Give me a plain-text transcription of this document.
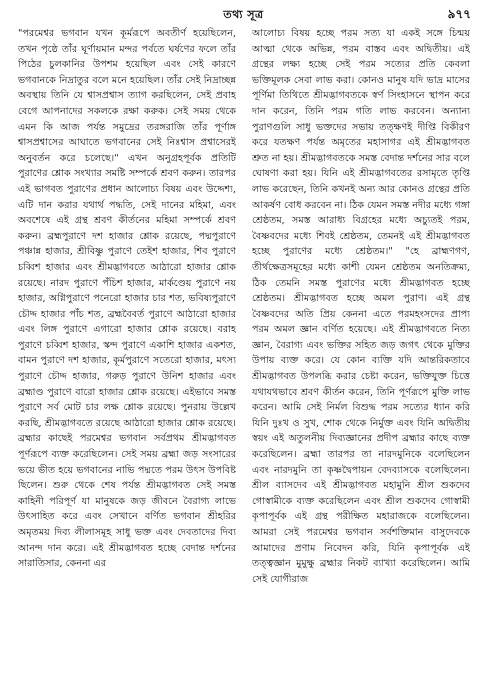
তথ্য সূত্র	৯৭৭

"পরমেশ্বর ভগবান যখন কূর্মরূপে অবতীর্ণ হয়েছিলেন, তখন পৃষ্ঠে তাঁর ঘূর্ণায়মান মন্দর পর্বতে ঘর্ষণের ফলে তাঁর পিঠের চুলকানির উপশম হয়েছিল এবং সেই কারণে ভগবানকে নিদ্রাতুর বলে মনে হয়েছিল। তাঁর সেই নিদ্রাচ্ছন্ন অবস্থায় তিনি যে শ্বাসপ্রশ্বাস ত্যাগ করছিলেন, সেই প্রবাহ বেগে আপনাদের সকলকে রক্ষা করুক। সেই সময় থেকে এমন কি আজ পর্যন্ত সমুদ্রের তরঙ্গরাজি তাঁর পূর্ণাঙ্গ শ্বাসপ্রশ্বাসের আঘাতে ভগবানের সেই নিঃশ্বাস প্রশ্বাসেরই অনুবর্তন করে চলেছে।" এখন অনুগ্রহপূর্বক প্রতিটি পুরাণের শ্লোক সংখ্যার সমষ্টি সম্পর্কে শ্রবণ করুন। তারপর এই ভাগবত পুরাণের প্রধান আলোচ্য বিষয় এবং উদ্দেশ্য, এটি দান করার যথার্থ পদ্ধতি, সেই দানের মহিমা, এবং অবশেষে এই গ্রন্থ শ্রবণ কীর্তনের মহিমা সম্পর্কে শ্রবণ করুন। ব্রহ্মপুরাণে দশ হাজার শ্লোক রয়েছে, পদ্মপুরাণে পঞ্চান্ন হাজার, শ্রীবিষ্ণু পুরাণে তেইশ হাজার, শিব পুরাণে চব্বিশ হাজার এবং শ্রীমদ্ভাগবতে আঠারো হাজার শ্লোক রয়েছে। নারদ পুরাণে পঁচিশ হাজার, মার্কণ্ডেয় পুরাণে নয় হাজার, অগ্নিপুরাণে পনেরো হাজার চার শত, ভবিষ্যপুরাণে চৌদ্দ হাজার পাঁচ শত, ব্রহ্মবৈবর্ত পুরাণে আঠারো হাজার এবং লিঙ্গ পুরাণে এগারো হাজার শ্লোক রয়েছে। বরাহ পুরাণে চব্বিশ হাজার, স্কন্দ পুরাণে একাশি হাজার একশত, বামন পুরাণে দশ হাজার, কূর্মপুরাণে সতেরো হাজার, মৎস্য পুরাণে চৌদ্দ হাজার, গরুড় পুরাণে উনিশ হাজার এবং ব্রহ্মাণ্ড পুরাণে বারো হাজার শ্লোক রয়েছে। এইভাবে সমস্ত পুরাণে সর্ব মোট চার লক্ষ শ্লোক রয়েছে। পুনরায় উল্লেখ করছি, শ্রীমদ্ভাগবতে রয়েছে আঠারো হাজার শ্লোক রয়েছে। ব্রহ্মার কাছেই পরমেশ্বর ভগবান সর্বপ্রথম শ্রীমদ্ভাগবত পূর্ণরূপে ব্যক্ত করেছিলেন। সেই সময় ব্রহ্মা জড় সংসারের ভয়ে ভীত হয়ে ভগবানের নাভি পদ্মতে পরম উৎস উপবিষ্ট ছিলেন। শুরু থেকে শেষ পর্যন্ত শ্রীমদ্ভাগবত সেই সমস্ত কাহিনী পরিপূর্ণ যা মানুষকে জড় জীবনে বৈরাগ্য লাভে উৎসাহিত করে এবং সেখানে বর্ণিত ভগবান শ্রীহরির অমৃতময় দিব্য লীলাসমূহ সাধু ভক্ত এবং দেবতাদের দিব্য আনন্দ দান করে। এই শ্রীমদ্ভাগবত হচ্ছে বেদান্ত দর্শনের সারাতিসার, কেননা এর

আলোচ্য বিষয় হচ্ছে পরম সত্য যা একই সঙ্গে চিন্ময় আত্মা থেকে অভিন্ন, পরম বাস্তব এবং অদ্বিতীয়। এই গ্রন্থের লক্ষ্য হচ্ছে সেই পরম সত্যের প্রতি কেবলা ভক্তিমূলক সেবা লাভ করা। কোনও মানুষ যদি ভাদ্র মাসের পূর্ণিমা তিথিতে শ্রীমদ্ভাগবতকে স্বর্ণ সিংহাসনে স্থাপন করে দান করেন, তিনি পরম গতি লাভ করবেন। অন্যান্য পুরাণগুলি সাধু ভক্তদের সভায় তত্ক্ষণই দীপ্তি বিকীরণ করে যতক্ষণ পর্যন্ত অমৃতের মহাসাগর এই শ্রীমদ্ভাগবত শ্রুত না হয়। শ্রীমদ্ভাগবতকে সমস্ত বেদান্ত দর্শনের সার বলে ঘোষণা করা হয়। যিনি এই শ্রীমদ্ভাগবতের রসামৃতে তৃপ্তি লাভ করেছেন, তিনি কখনই অন্য আর কোনও গ্রন্থের প্রতি আকর্ষণ বোধ করবেন না। ঠিক যেমন সমস্ত নদীর মধ্যে গঙ্গা শ্রেষ্ঠতম, সমস্ত আরাধ্য বিগ্রহের মধ্যে অচ্যুতই পরম, বৈষ্ণবদের মধ্যে শিবই শ্রেষ্ঠতম, তেমনই এই শ্রীমদ্ভাগবত হচ্ছে পুরাণের মধ্যে শ্রেষ্ঠতম।" "হে ব্রাহ্মণগণ, তীর্থক্ষেত্রসমূহের মধ্যে কাশী যেমন শ্রেষ্ঠতম অনতিক্রম্য, ঠিক তেমনি সমস্ত পুরাণের মধ্যে শ্রীমদ্ভাগবত হচ্ছে শ্রেষ্ঠতম। শ্রীমদ্ভাগবত হচ্ছে অমল পুরাণ। এই গ্রন্থ বৈষ্ণবদের অতি প্রিয় কেননা এতে পরমহংসদের প্রাপ্য পরম অমল জ্ঞান বর্ণিত হয়েছে। এই শ্রীমদ্ভাগবতে নিত্য জ্ঞান, বৈরাগ্য এবং ভক্তির সহিত জড় জগৎ থেকে মুক্তির উপায় ব্যক্ত করে। যে কোন ব্যক্তি যদি আন্তরিকতাবে শ্রীমদ্ভাগবত উপলব্ধি করার চেষ্টা করেন, ভক্তিযুক্ত চিত্তে যথাযথভাবে শ্রবণ কীর্তন করেন, তিনি পূর্ণরূপে মুক্তি লাভ করেন। আমি সেই নির্মল বিশুদ্ধ পরম সত্যের ধ্যান করি যিনি দুঃখ ও সুখ, শোক থেকে নির্মুক্ত এবং যিনি অদ্বিতীয় স্বয়ং এই অতুলনীয় দিব্যজ্ঞানের প্রদীপ ব্রহ্মার কাছে ব্যক্ত করেছিলেন। ব্রহ্মা তারপর তা নারদমুনিকে বলেছিলেন এবং নারদমুনি তা কৃষ্ণদ্বৈপায়ন বেদব্যাসকে বলেছিলেন। শ্রীল ব্যাসদেব এই শ্রীমদ্ভাগবত মহামুনি শ্রীল শুকদেব গোস্বামীকে ব্যক্ত করেছিলেন এবং শ্রীল শুকদেব গোস্বামী কৃপাপূর্বক এই গ্রন্থ পরীক্ষিত মহারাজকে বলেছিলেন। আমরা সেই পরমেশ্বর ভগবান সর্বশক্তিমান বাসুদেবকে আমাদের প্রণাম নিবেদন করি, যিনি কৃপাপূর্বক এই তত্ত্বজ্ঞান মুমুক্ষু ব্রহ্মার নিকট ব্যাখ্যা করেছিলেন। আমি সেই যোগীরাজ
